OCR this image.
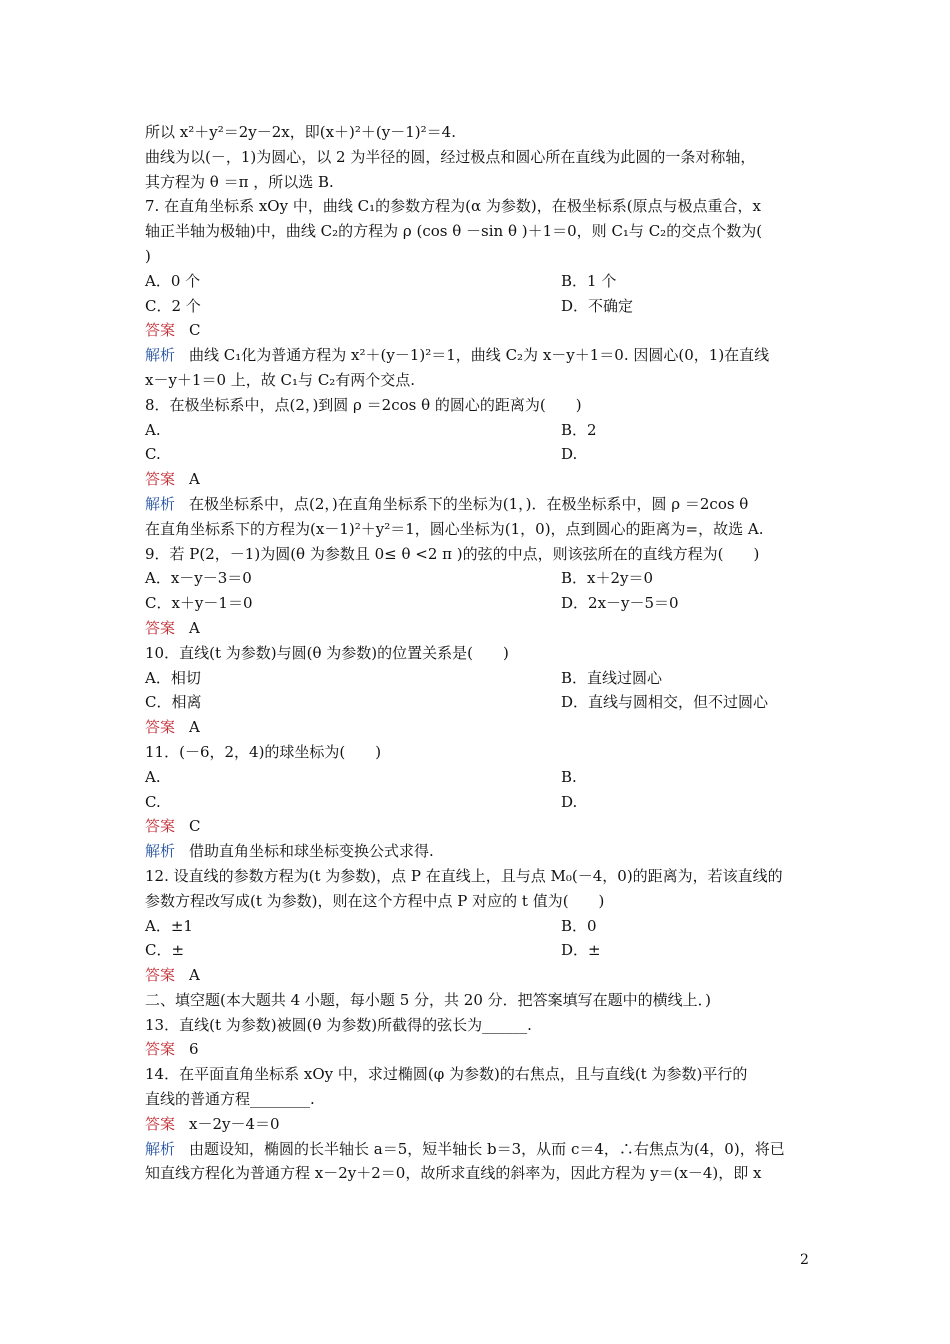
所以 x²＋y²＝2y－2x，即(x＋)²＋(y－1)²＝4.
曲线为以(－，1)为圆心，以 2 为半径的圆，经过极点和圆心所在直线为此圆的一条对称轴，
其方程为 θ ＝π ，所以选 B.
7. 在直角坐标系 xOy 中，曲线 C₁的参数方程为(α 为参数)，在极坐标系(原点与极点重合，x
轴正半轴为极轴)中，曲线 C₂的方程为 ρ (cos θ －sin θ )＋1＝0，则 C₁与 C₂的交点个数为(
)
A．0 个	B．1 个
C．2 个	D．不确定
答案 C
解析 曲线 C₁化为普通方程为 x²＋(y－1)²＝1，曲线 C₂为 x－y＋1＝0. 因圆心(0，1)在直线
x－y＋1＝0 上，故 C₁与 C₂有两个交点.
8．在极坐标系中，点(2，)到圆 ρ ＝2cos θ 的圆心的距离为(　　)
A.	B．2
C.	D.
答案 A
解析 在极坐标系中，点(2，)在直角坐标系下的坐标为(1，)．在极坐标系中，圆 ρ ＝2cos θ
在直角坐标系下的方程为(x－1)²＋y²＝1，圆心坐标为(1，0)，点到圆心的距离为=，故选 A.
9．若 P(2，－1)为圆(θ 为参数且 0≤ θ <2 π )的弦的中点，则该弦所在的直线方程为(　　)
A．x－y－3＝0	B．x＋2y＝0
C．x＋y－1＝0	D．2x－y－5＝0
答案 A
10．直线(t 为参数)与圆(θ 为参数)的位置关系是(　　)
A．相切	B．直线过圆心
C．相离	D．直线与圆相交，但不过圆心
答案 A
11．(－6，2，4)的球坐标为(　　)
A.	B.
C.	D.
答案 C
解析 借助直角坐标和球坐标变换公式求得.
12. 设直线的参数方程为(t 为参数)，点 P 在直线上，且与点 M₀(－4，0)的距离为，若该直线的
参数方程改写成(t 为参数)，则在这个方程中点 P 对应的 t 值为(　　)
A．±1	B．0
C．±	D．±
答案 A
二、填空题(本大题共 4 小题，每小题 5 分，共 20 分．把答案填写在题中的横线上．)
13．直线(t 为参数)被圆(θ 为参数)所截得的弦长为______.
答案 6
14．在平面直角坐标系 xOy 中，求过椭圆(φ 为参数)的右焦点，且与直线(t 为参数)平行的
直线的普通方程________.
答案 x－2y－4＝0
解析 由题设知，椭圆的长半轴长 a＝5，短半轴长 b＝3，从而 c＝4，∴右焦点为(4，0)，将已
知直线方程化为普通方程 x－2y＋2＝0，故所求直线的斜率为，因此方程为 y＝(x－4)，即 x
2
